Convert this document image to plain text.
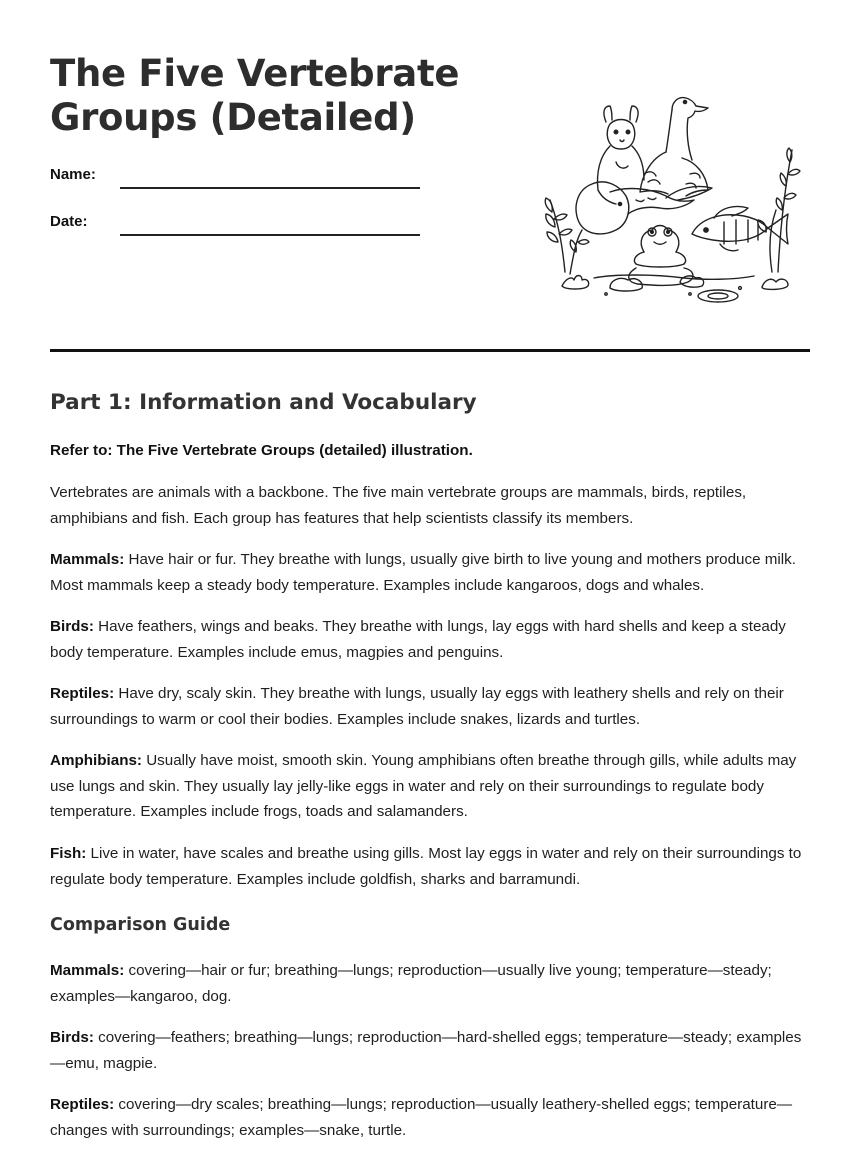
The Five Vertebrate Groups (Detailed)
Name:
Date:
Part 1: Information and Vocabulary

Refer to: The Five Vertebrate Groups (detailed) illustration.

Vertebrates are animals with a backbone. The five main vertebrate groups are mammals, birds, reptiles, amphibians and fish. Each group has features that help scientists classify its members.

Mammals: Have hair or fur. They breathe with lungs, usually give birth to live young and mothers produce milk. Most mammals keep a steady body temperature. Examples include kangaroos, dogs and whales.

Birds: Have feathers, wings and beaks. They breathe with lungs, lay eggs with hard shells and keep a steady body temperature. Examples include emus, magpies and penguins.

Reptiles: Have dry, scaly skin. They breathe with lungs, usually lay eggs with leathery shells and rely on their surroundings to warm or cool their bodies. Examples include snakes, lizards and turtles.

Amphibians: Usually have moist, smooth skin. Young amphibians often breathe through gills, while adults may use lungs and skin. They usually lay jelly-like eggs in water and rely on their surroundings to regulate body temperature. Examples include frogs, toads and salamanders.

Fish: Live in water, have scales and breathe using gills. Most lay eggs in water and rely on their surroundings to regulate body temperature. Examples include goldfish, sharks and barramundi.

Comparison Guide

Mammals: covering—hair or fur; breathing—lungs; reproduction—usually live young; temperature—steady; examples—kangaroo, dog.

Birds: covering—feathers; breathing—lungs; reproduction—hard-shelled eggs; temperature—steady; examples—emu, magpie.

Reptiles: covering—dry scales; breathing—lungs; reproduction—usually leathery-shelled eggs; temperature—changes with surroundings; examples—snake, turtle.
